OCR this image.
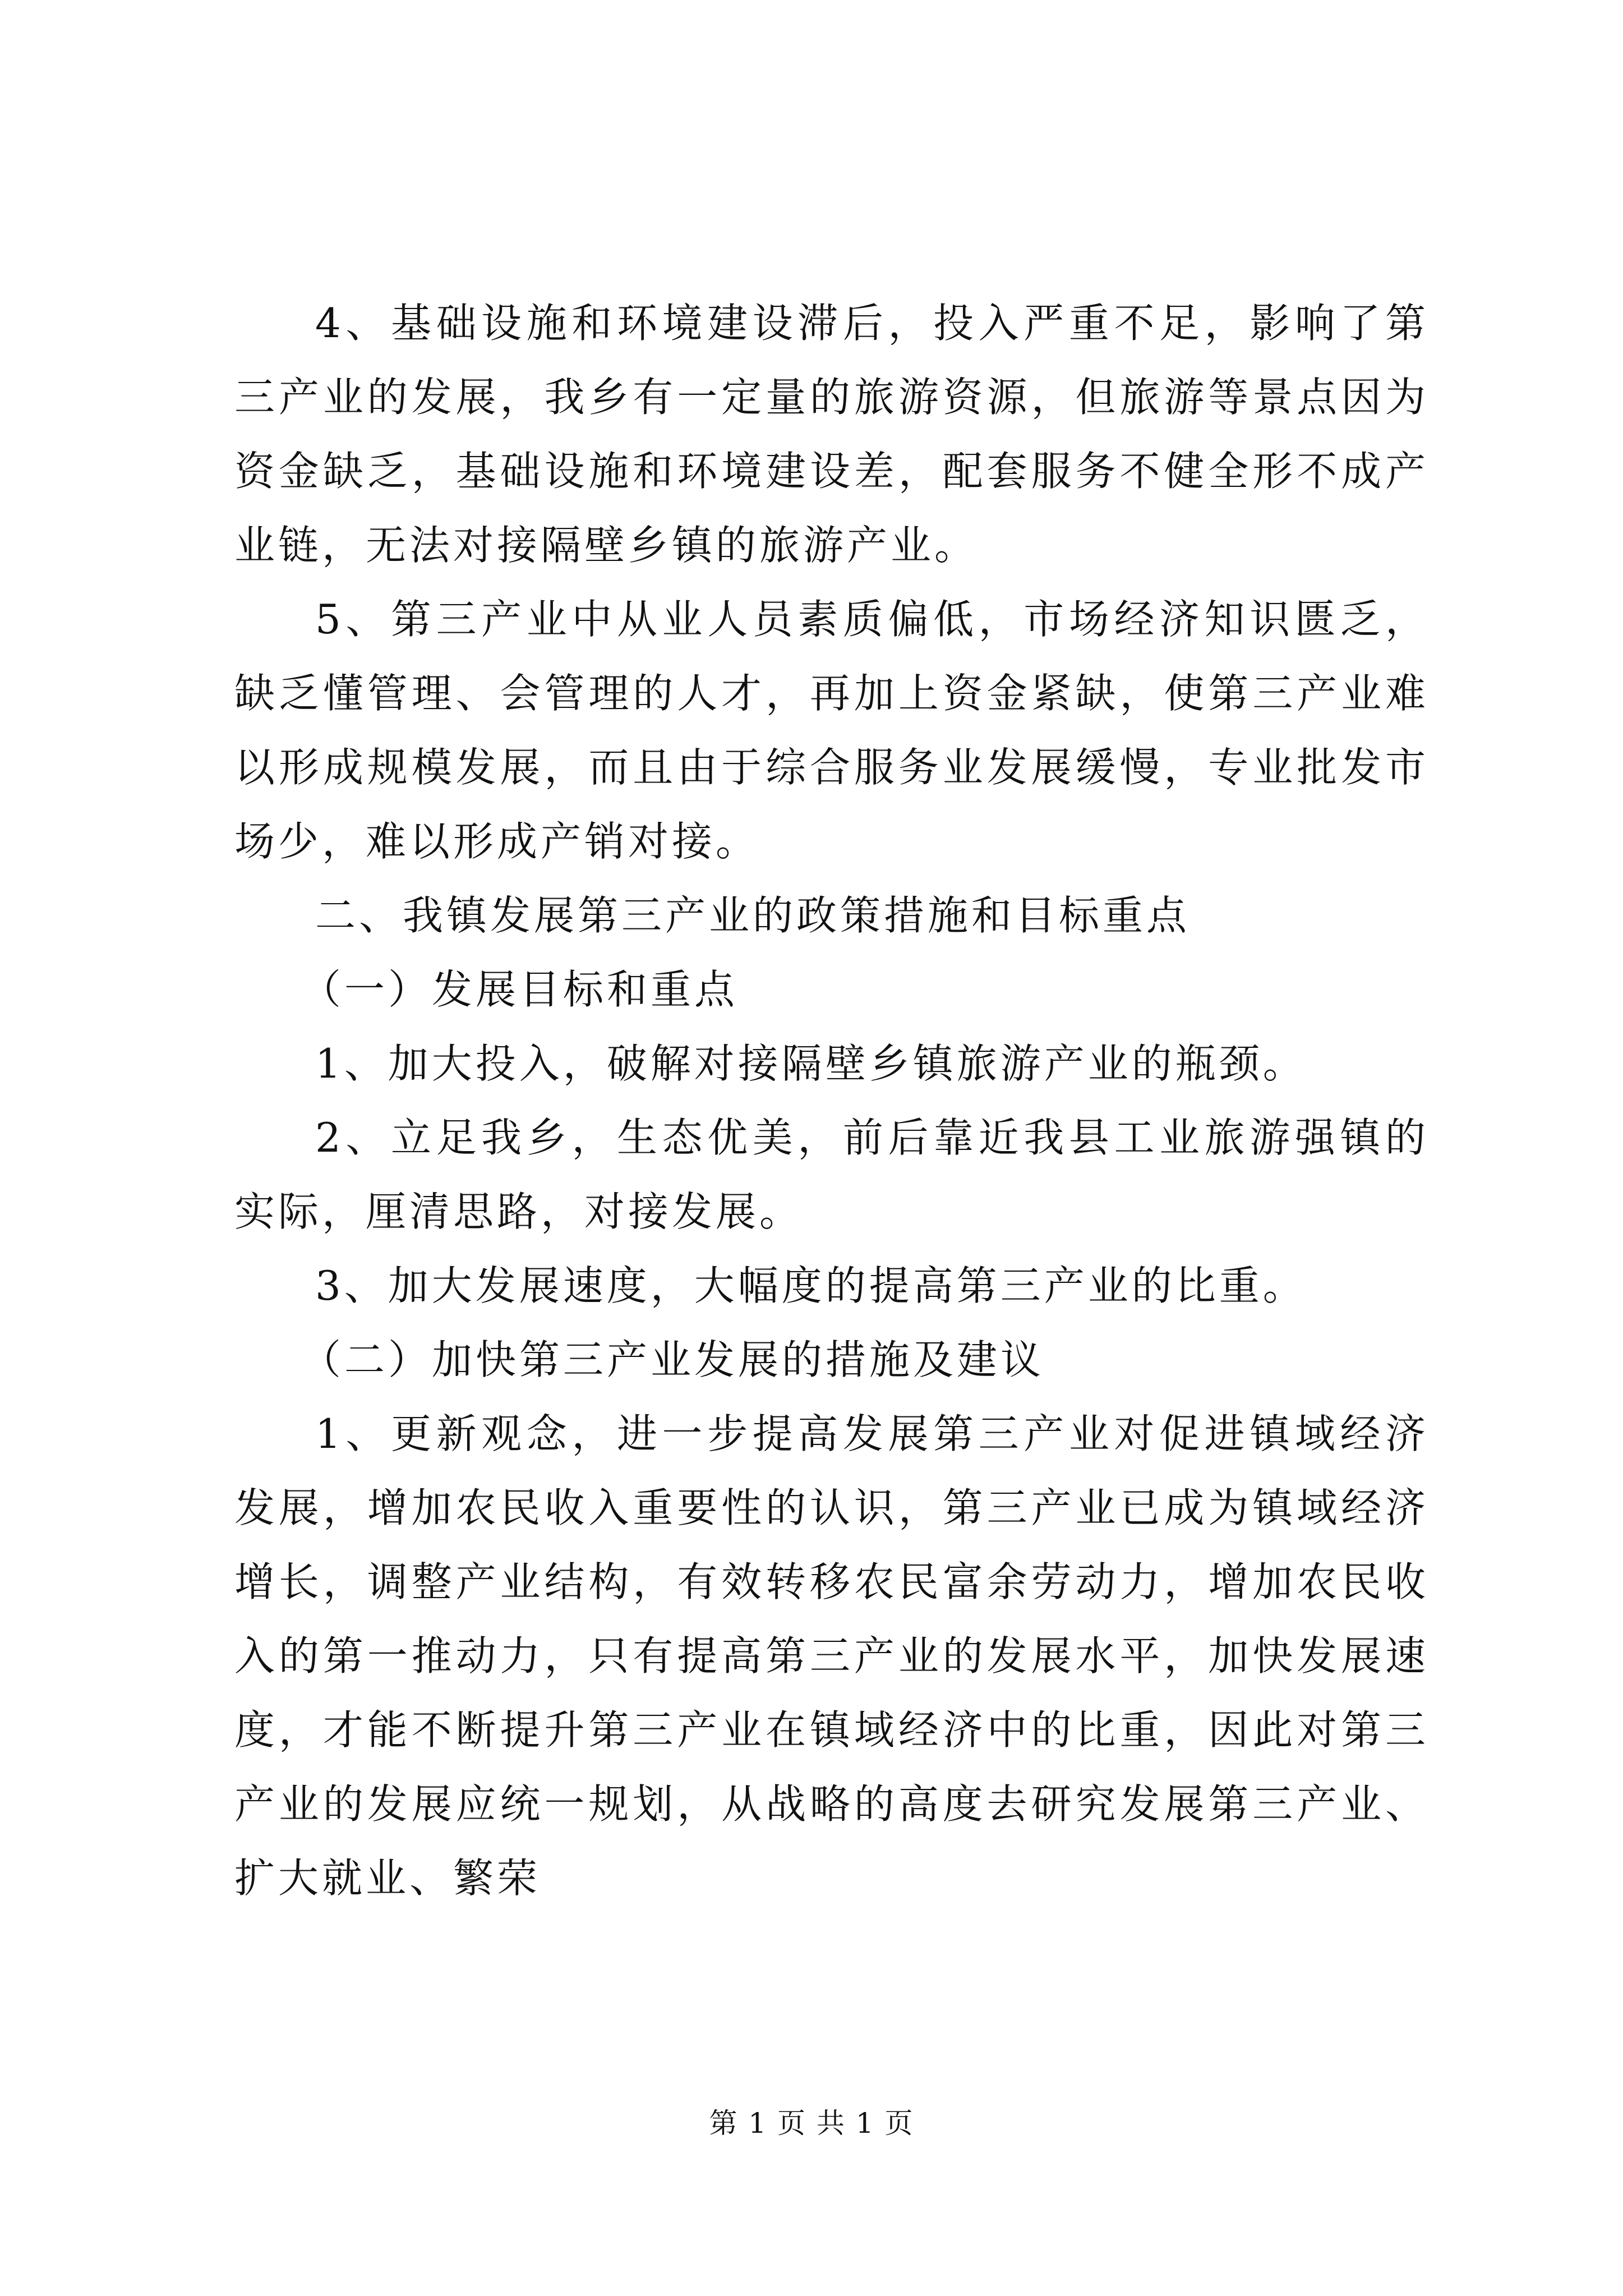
4、基础设施和环境建设滞后，投入严重不足，影响了第三产业的发展，我乡有一定量的旅游资源，但旅游等景点因为资金缺乏，基础设施和环境建设差，配套服务不健全形不成产业链，无法对接隔壁乡镇的旅游产业。

5、第三产业中从业人员素质偏低，市场经济知识匮乏，缺乏懂管理、会管理的人才，再加上资金紧缺，使第三产业难以形成规模发展，而且由于综合服务业发展缓慢，专业批发市场少，难以形成产销对接。

二、我镇发展第三产业的政策措施和目标重点

（一）发展目标和重点

1、加大投入，破解对接隔壁乡镇旅游产业的瓶颈。

2、立足我乡，生态优美，前后靠近我县工业旅游强镇的实际，厘清思路，对接发展。

3、加大发展速度，大幅度的提高第三产业的比重。

（二）加快第三产业发展的措施及建议

1、更新观念，进一步提高发展第三产业对促进镇域经济发展，增加农民收入重要性的认识，第三产业已成为镇域经济增长，调整产业结构，有效转移农民富余劳动力，增加农民收入的第一推动力，只有提高第三产业的发展水平，加快发展速度，才能不断提升第三产业在镇域经济中的比重，因此对第三产业的发展应统一规划，从战略的高度去研究发展第三产业、扩大就业、繁荣

第 1 页 共 1 页
